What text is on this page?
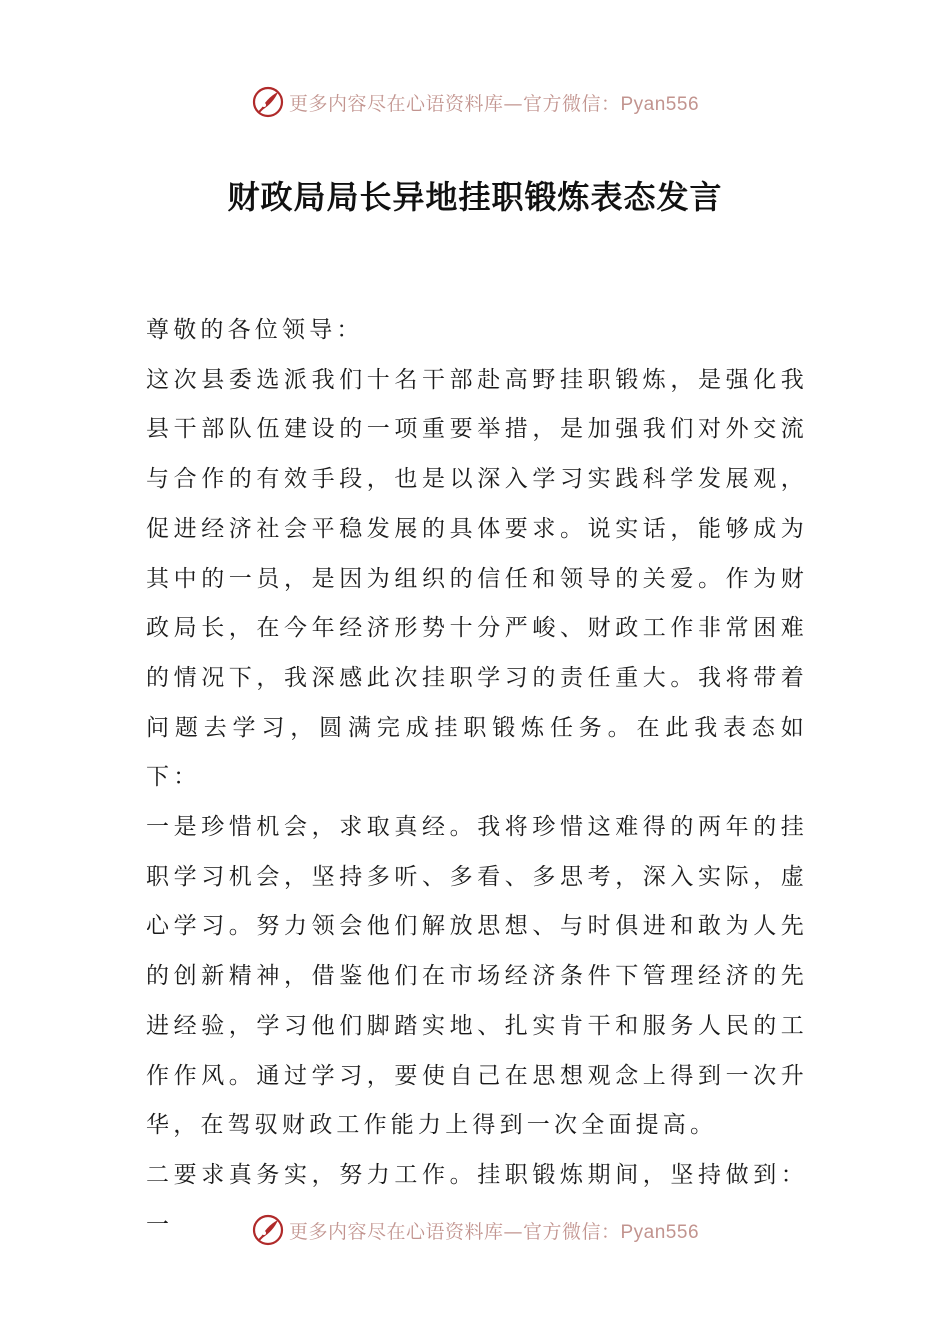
更多内容尽在心语资料库—官方微信：Pyan556
财政局局长异地挂职锻炼表态发言

尊敬的各位领导：

这次县委选派我们十名干部赴高野挂职锻炼，是强化我县干部队伍建设的一项重要举措，是加强我们对外交流与合作的有效手段，也是以深入学习实践科学发展观，促进经济社会平稳发展的具体要求。说实话，能够成为其中的一员，是因为组织的信任和领导的关爱。作为财政局长，在今年经济形势十分严峻、财政工作非常困难的情况下，我深感此次挂职学习的责任重大。我将带着问题去学习，圆满完成挂职锻炼任务。在此我表态如下：

一是珍惜机会，求取真经。我将珍惜这难得的两年的挂职学习机会，坚持多听、多看、多思考，深入实际，虚心学习。努力领会他们解放思想、与时俱进和敢为人先的创新精神，借鉴他们在市场经济条件下管理经济的先进经验，学习他们脚踏实地、扎实肯干和服务人民的工作作风。通过学习，要使自己在思想观念上得到一次升华，在驾驭财政工作能力上得到一次全面提高。

二要求真务实，努力工作。挂职锻炼期间，坚持做到：一	更多内容尽在心语资料库—官方微信：Pyan556
